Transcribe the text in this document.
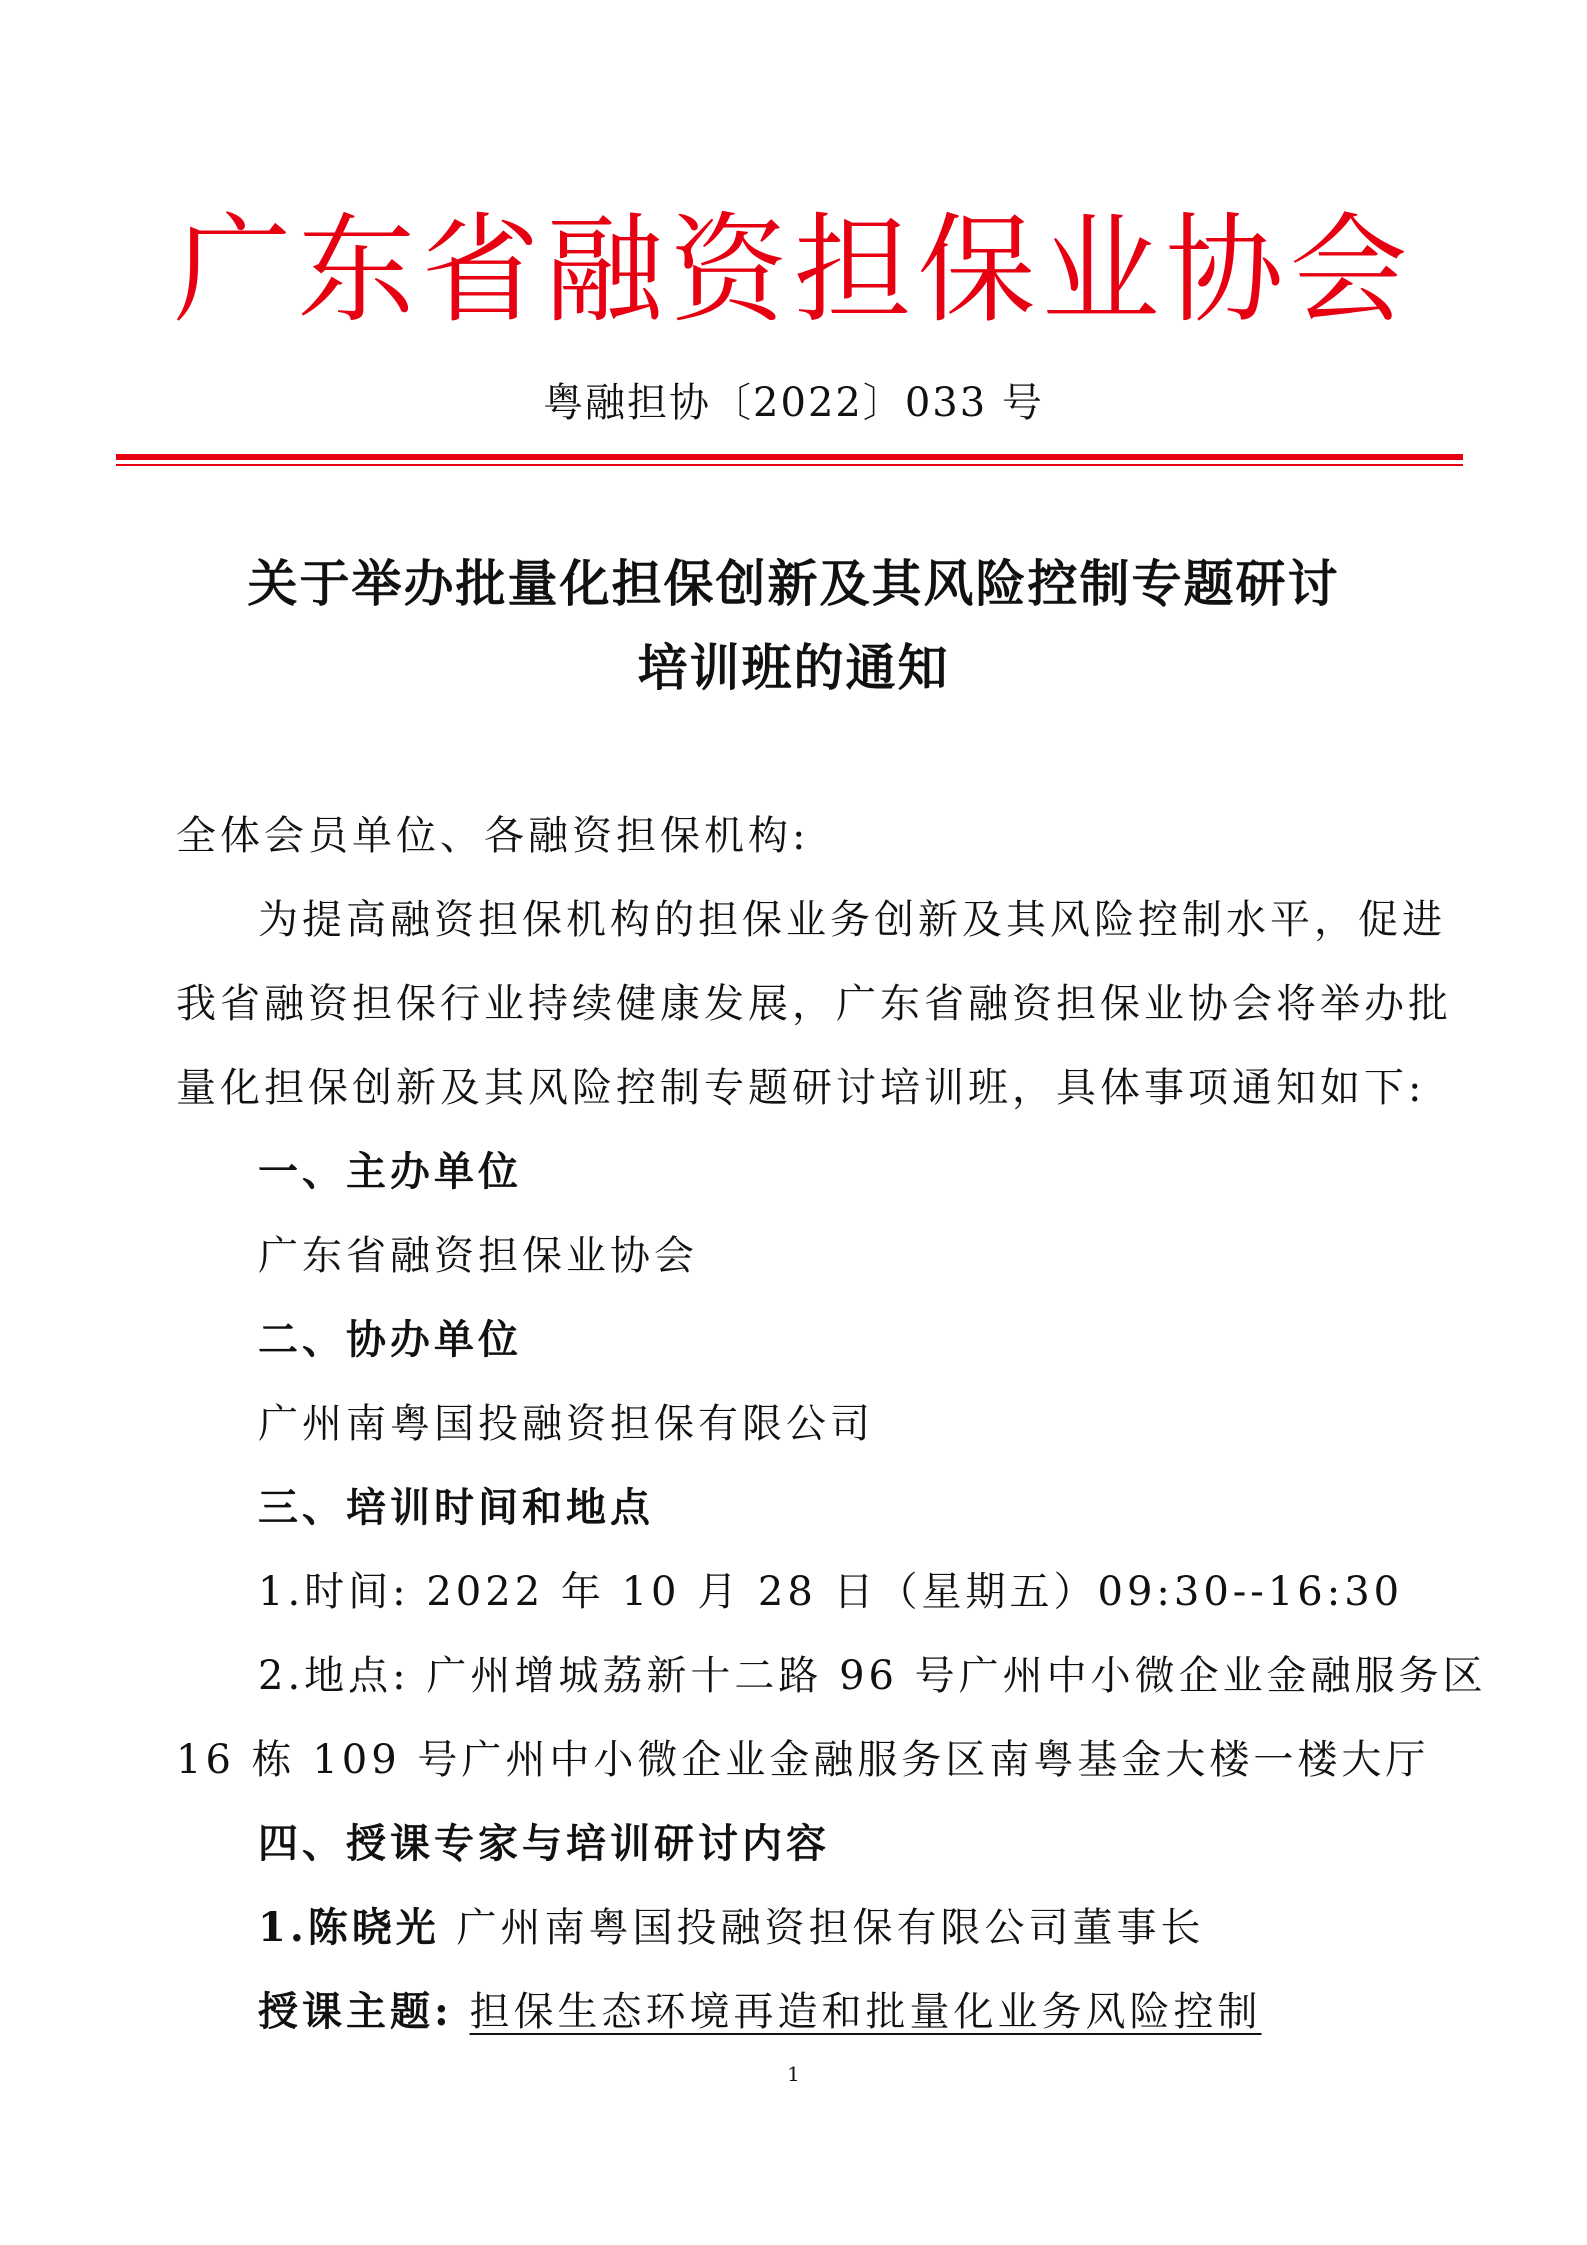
广东省融资担保业协会
粤融担协〔2022〕033 号
关于举办批量化担保创新及其风险控制专题研讨
培训班的通知
全体会员单位、各融资担保机构:
为提高融资担保机构的担保业务创新及其风险控制水平，促进
我省融资担保行业持续健康发展，广东省融资担保业协会将举办批
量化担保创新及其风险控制专题研讨培训班，具体事项通知如下:
一、主办单位
广东省融资担保业协会
二、协办单位
广州南粤国投融资担保有限公司
三、培训时间和地点
1.时间: 2022 年 10 月 28 日（星期五）09:30--16:30
2.地点: 广州增城荔新十二路 96 号广州中小微企业金融服务区
16 栋 109 号广州中小微企业金融服务区南粤基金大楼一楼大厅
四、授课专家与培训研讨内容
1.陈晓光 广州南粤国投融资担保有限公司董事长
授课主题: 担保生态环境再造和批量化业务风险控制
1
